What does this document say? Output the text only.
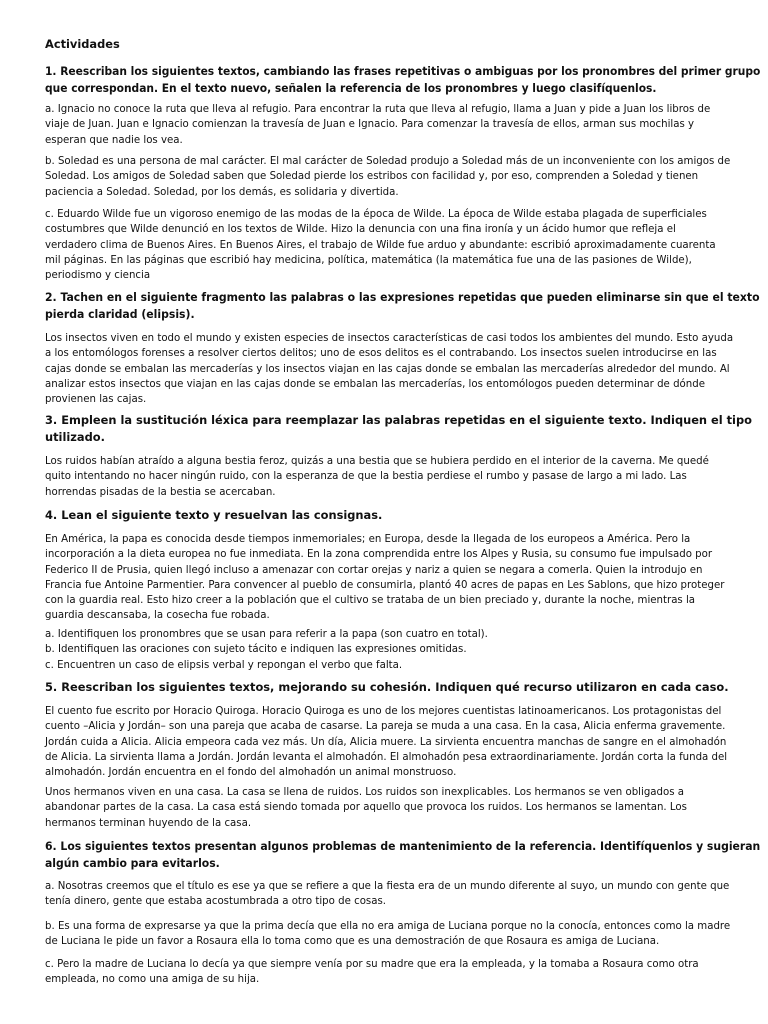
Actividades
1. Reescriban los siguientes textos, cambiando las frases repetitivas o ambiguas por los pronombres del primer grupo
que correspondan. En el texto nuevo, señalen la referencia de los pronombres y luego clasifíquenlos.
a. Ignacio no conoce la ruta que lleva al refugio. Para encontrar la ruta que lleva al refugio, llama a Juan y pide a Juan los libros de
viaje de Juan. Juan e Ignacio comienzan la travesía de Juan e Ignacio. Para comenzar la travesía de ellos, arman sus mochilas y
esperan que nadie los vea.
b. Soledad es una persona de mal carácter. El mal carácter de Soledad produjo a Soledad más de un inconveniente con los amigos de
Soledad. Los amigos de Soledad saben que Soledad pierde los estribos con facilidad y, por eso, comprenden a Soledad y tienen
paciencia a Soledad. Soledad, por los demás, es solidaria y divertida.
c. Eduardo Wilde fue un vigoroso enemigo de las modas de la época de Wilde. La época de Wilde estaba plagada de superficiales
costumbres que Wilde denunció en los textos de Wilde. Hizo la denuncia con una fina ironía y un ácido humor que refleja el
verdadero clima de Buenos Aires. En Buenos Aires, el trabajo de Wilde fue arduo y abundante: escribió aproximadamente cuarenta
mil páginas. En las páginas que escribió hay medicina, política, matemática (la matemática fue una de las pasiones de Wilde),
periodismo y ciencia
2. Tachen en el siguiente fragmento las palabras o las expresiones repetidas que pueden eliminarse sin que el texto
pierda claridad (elipsis).
Los insectos viven en todo el mundo y existen especies de insectos características de casi todos los ambientes del mundo. Esto ayuda
a los entomólogos forenses a resolver ciertos delitos; uno de esos delitos es el contrabando. Los insectos suelen introducirse en las
cajas donde se embalan las mercaderías y los insectos viajan en las cajas donde se embalan las mercaderías alrededor del mundo. Al
analizar estos insectos que viajan en las cajas donde se embalan las mercaderías, los entomólogos pueden determinar de dónde
provienen las cajas.
3. Empleen la sustitución léxica para reemplazar las palabras repetidas en el siguiente texto. Indiquen el tipo
utilizado.
Los ruidos habían atraído a alguna bestia feroz, quizás a una bestia que se hubiera perdido en el interior de la caverna. Me quedé
quito intentando no hacer ningún ruido, con la esperanza de que la bestia perdiese el rumbo y pasase de largo a mi lado. Las
horrendas pisadas de la bestia se acercaban.
4. Lean el siguiente texto y resuelvan las consignas.
En América, la papa es conocida desde tiempos inmemoriales; en Europa, desde la llegada de los europeos a América. Pero la
incorporación a la dieta europea no fue inmediata. En la zona comprendida entre los Alpes y Rusia, su consumo fue impulsado por
Federico II de Prusia, quien llegó incluso a amenazar con cortar orejas y nariz a quien se negara a comerla. Quien la introdujo en
Francia fue Antoine Parmentier. Para convencer al pueblo de consumirla, plantó 40 acres de papas en Les Sablons, que hizo proteger
con la guardia real. Esto hizo creer a la población que el cultivo se trataba de un bien preciado y, durante la noche, mientras la
guardia descansaba, la cosecha fue robada.
a. Identifiquen los pronombres que se usan para referir a la papa (son cuatro en total).
b. Identifiquen las oraciones con sujeto tácito e indiquen las expresiones omitidas.
c. Encuentren un caso de elipsis verbal y repongan el verbo que falta.
5. Reescriban los siguientes textos, mejorando su cohesión. Indiquen qué recurso utilizaron en cada caso.
El cuento fue escrito por Horacio Quiroga. Horacio Quiroga es uno de los mejores cuentistas latinoamericanos. Los protagonistas del
cuento –Alicia y Jordán– son una pareja que acaba de casarse. La pareja se muda a una casa. En la casa, Alicia enferma gravemente.
Jordán cuida a Alicia. Alicia empeora cada vez más. Un día, Alicia muere. La sirvienta encuentra manchas de sangre en el almohadón
de Alicia. La sirvienta llama a Jordán. Jordán levanta el almohadón. El almohadón pesa extraordinariamente. Jordán corta la funda del
almohadón. Jordán encuentra en el fondo del almohadón un animal monstruoso.
Unos hermanos viven en una casa. La casa se llena de ruidos. Los ruidos son inexplicables. Los hermanos se ven obligados a
abandonar partes de la casa. La casa está siendo tomada por aquello que provoca los ruidos. Los hermanos se lamentan. Los
hermanos terminan huyendo de la casa.
6. Los siguientes textos presentan algunos problemas de mantenimiento de la referencia. Identifíquenlos y sugieran
algún cambio para evitarlos.
a. Nosotras creemos que el título es ese ya que se refiere a que la fiesta era de un mundo diferente al suyo, un mundo con gente que
tenía dinero, gente que estaba acostumbrada a otro tipo de cosas.
b. Es una forma de expresarse ya que la prima decía que ella no era amiga de Luciana porque no la conocía, entonces como la madre
de Luciana le pide un favor a Rosaura ella lo toma como que es una demostración de que Rosaura es amiga de Luciana.
c. Pero la madre de Luciana lo decía ya que siempre venía por su madre que era la empleada, y la tomaba a Rosaura como otra
empleada, no como una amiga de su hija.
